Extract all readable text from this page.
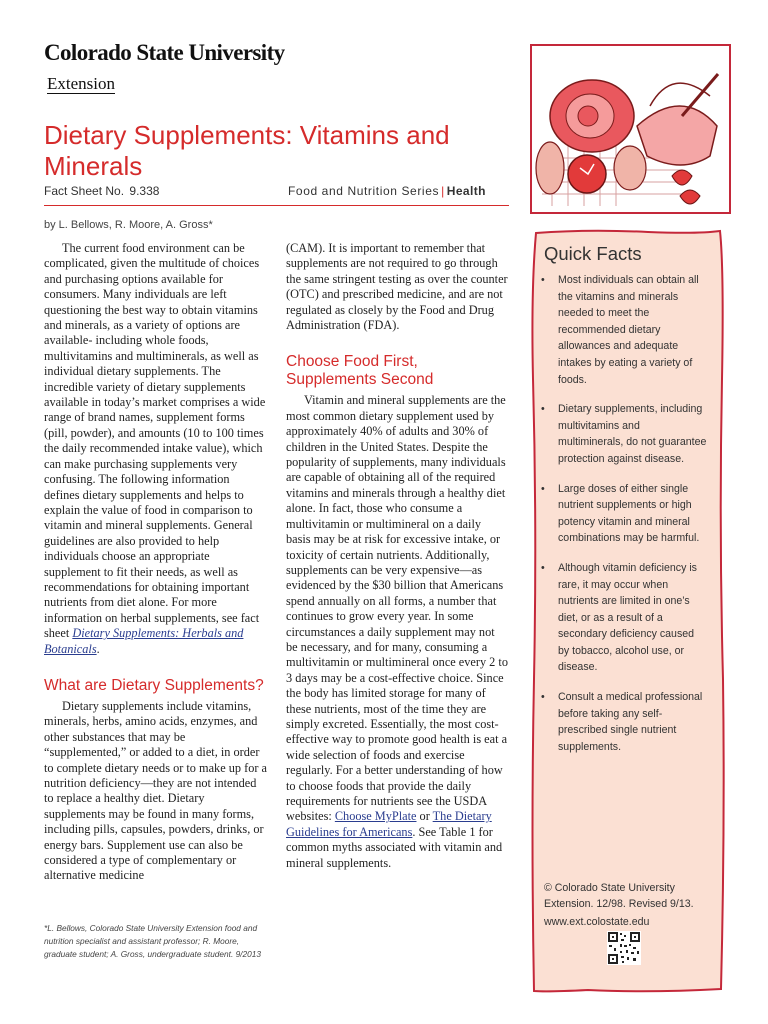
Colorado State University
Extension
Dietary Supplements: Vitamins and Minerals
Fact Sheet No. 9.338	Food and Nutrition Series | Health
by L. Bellows, R. Moore, A. Gross*

The current food environment can be complicated, given the multitude of choices and purchasing options available for consumers. Many individuals are left questioning the best way to obtain vitamins and minerals, as a variety of options are available- including whole foods, multivitamins and multiminerals, as well as individual dietary supplements. The incredible variety of dietary supplements available in today’s market comprises a wide range of brand names, supplement forms (pill, powder), and amounts (10 to 100 times the daily recommended intake value), which can make purchasing supplements very confusing. The following information defines dietary supplements and helps to explain the value of food in comparison to vitamin and mineral supplements. General guidelines are also provided to help individuals choose an appropriate supplement to fit their needs, as well as recommendations for obtaining important nutrients from diet alone. For more information on herbal supplements, see fact sheet Dietary Supplements: Herbals and Botanicals.

What are Dietary Supplements?

Dietary supplements include vitamins, minerals, herbs, amino acids, enzymes, and other substances that may be “supplemented,” or added to a diet, in order to complete dietary needs or to make up for a nutrition deficiency—they are not intended to replace a healthy diet. Dietary supplements may be found in many forms, including pills, capsules, powders, drinks, or energy bars. Supplement use can also be considered a type of complementary or alternative medicine

(CAM). It is important to remember that supplements are not required to go through the same stringent testing as over the counter (OTC) and prescribed medicine, and are not regulated as closely by the Food and Drug Administration (FDA).

Choose Food First, Supplements Second

Vitamin and mineral supplements are the most common dietary supplement used by approximately 40% of adults and 30% of children in the United States. Despite the popularity of supplements, many individuals are capable of obtaining all of the required vitamins and minerals through a healthy diet alone. In fact, those who consume a multivitamin or multimineral on a daily basis may be at risk for excessive intake, or toxicity of certain nutrients. Additionally, supplements can be very expensive—as evidenced by the $30 billion that Americans spend annually on all forms, a number that continues to grow every year. In some circumstances a daily supplement may not be necessary, and for many, consuming a multivitamin or multimineral once every 2 to 3 days may be a cost-effective choice. Since the body has limited storage for many of these nutrients, most of the time they are simply excreted. Essentially, the most cost-effective way to promote good health is eat a wide selection of foods and exercise regularly. For a better understanding of how to choose foods that provide the daily requirements for nutrients see the USDA websites: Choose MyPlate or The Dietary Guidelines for Americans. See Table 1 for common myths associated with vitamin and mineral supplements.

*L. Bellows, Colorado State University Extension food and nutrition specialist and assistant professor; R. Moore, graduate student; A. Gross, undergraduate student. 9/2013
Quick Facts
• Most individuals can obtain all the vitamins and minerals needed to meet the recommended dietary allowances and adequate intakes by eating a variety of foods.
• Dietary supplements, including multivitamins and multiminerals, do not guarantee protection against disease.
• Large doses of either single nutrient supplements or high potency vitamin and mineral combinations may be harmful.
• Although vitamin deficiency is rare, it may occur when nutrients are limited in one’s diet, or as a result of a secondary deficiency caused by tobacco, alcohol use, or disease.
• Consult a medical professional before taking any self-prescribed single nutrient supplements.
© Colorado State University Extension. 12/98. Revised 9/13.
www.ext.colostate.edu
